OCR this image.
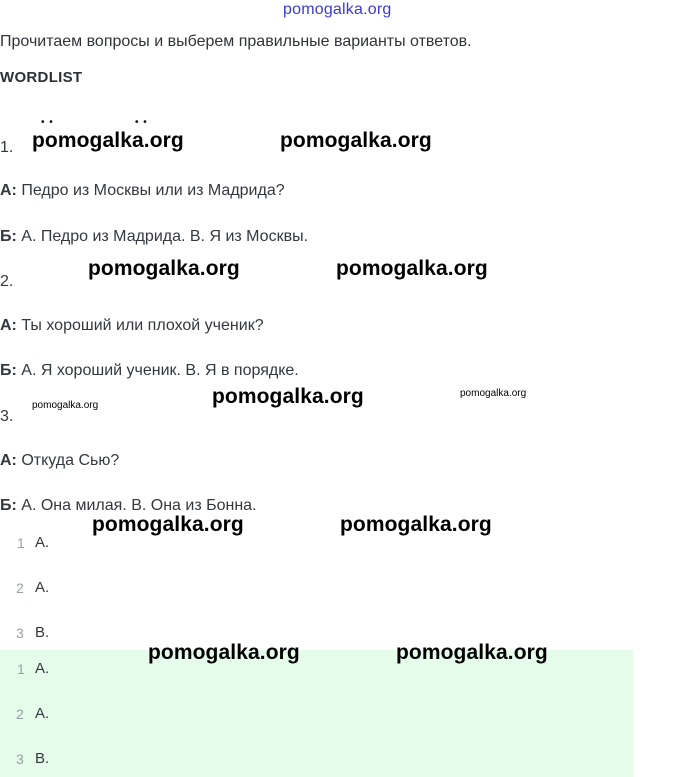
pomogalka.org
Прочитаем вопросы и выберем правильные варианты ответов.
WORDLIST
• •	• •
1.
А: Педро из Москвы или из Мадрида?
Б: А. Педро из Мадрида. В. Я из Москвы.
2.
А: Ты хороший или плохой ученик?
Б: А. Я хороший ученик. В. Я в порядке.
3.
А: Откуда Сью?
Б: А. Она милая. В. Она из Бонна.
1 A.
2 A.
3 B.
1 A.
2 A.
3 B.
pomogalka.org	pomogalka.org
pomogalka.org	pomogalka.org
pomogalka.org	pomogalka.org	pomogalka.org
pomogalka.org	pomogalka.org
pomogalka.org	pomogalka.org
